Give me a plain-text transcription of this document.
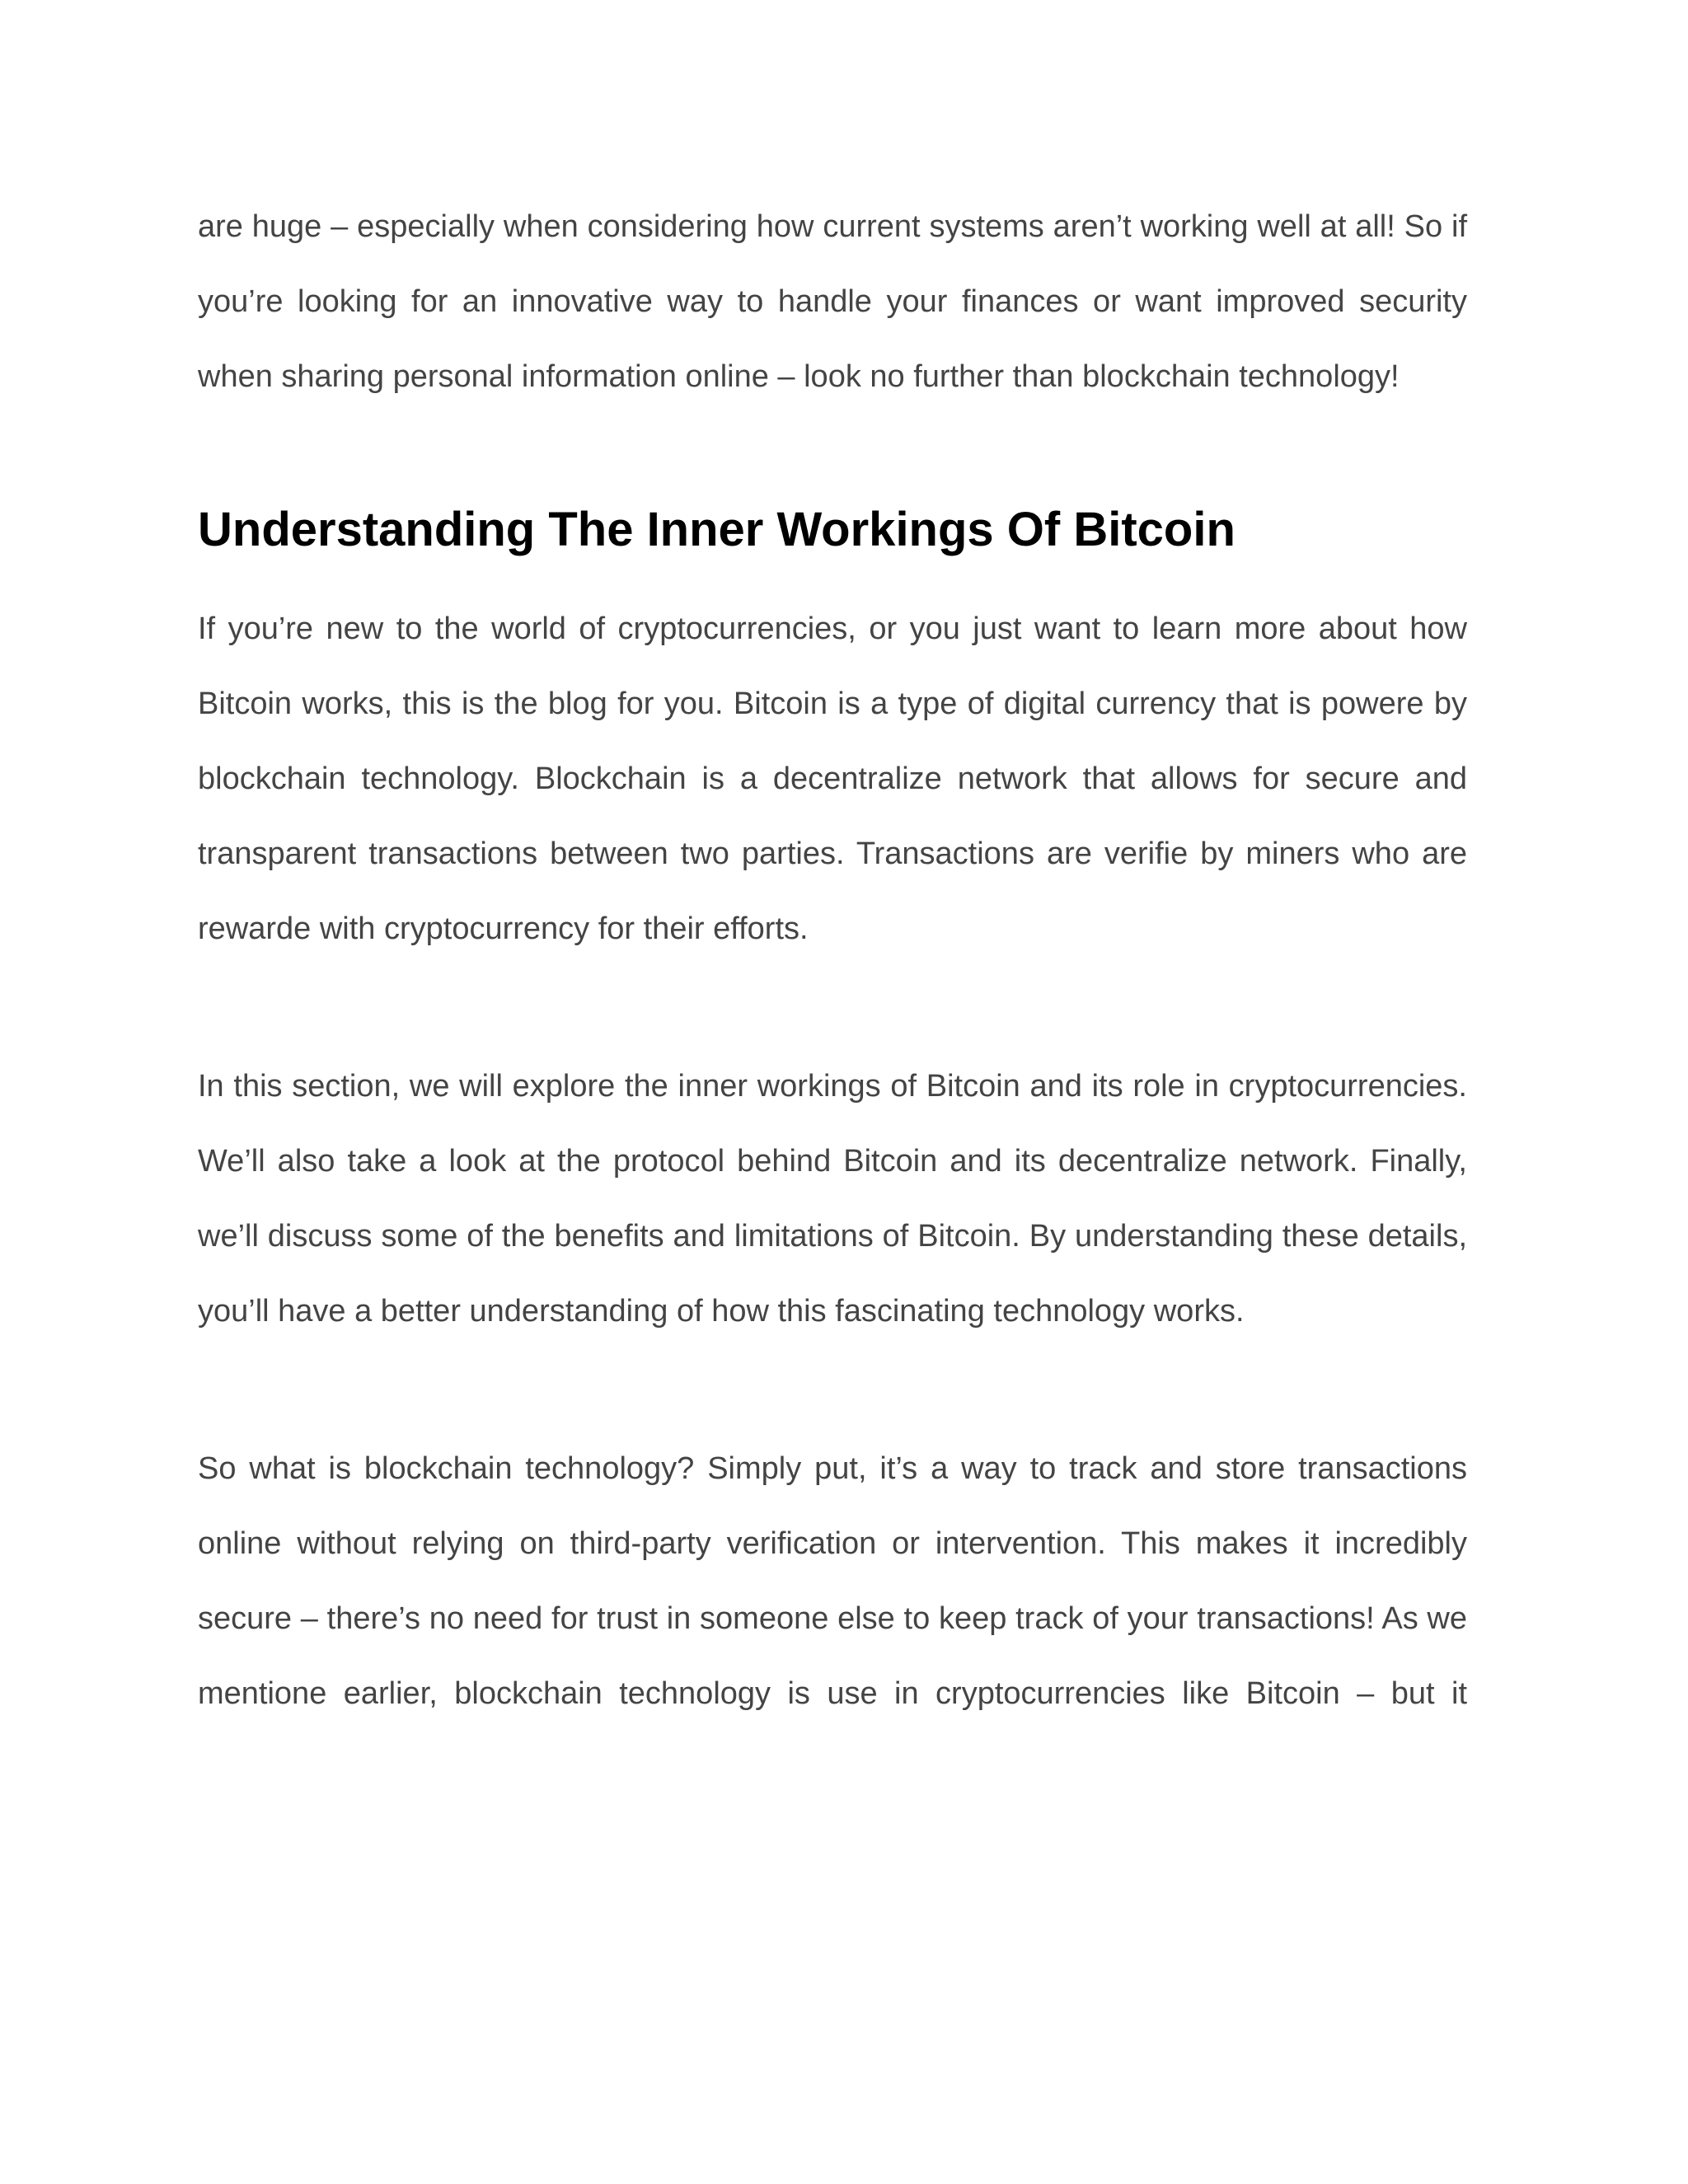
are huge – especially when considering how current systems aren’t working well at all! So if you’re looking for an innovative way to handle your finances or want improved security when sharing personal information online – look no further than blockchain technology!

Understanding The Inner Workings Of Bitcoin

If you’re new to the world of cryptocurrencies, or you just want to learn more about how Bitcoin works, this is the blog for you. Bitcoin is a type of digital currency that is powere by blockchain technology. Blockchain is a decentralize network that allows for secure and transparent transactions between two parties. Transactions are verifie by miners who are rewarde with cryptocurrency for their efforts.

In this section, we will explore the inner workings of Bitcoin and its role in cryptocurrencies. We’ll also take a look at the protocol behind Bitcoin and its decentralize network. Finally, we’ll discuss some of the benefits and limitations of Bitcoin. By understanding these details, you’ll have a better understanding of how this fascinating technology works.

So what is blockchain technology? Simply put, it’s a way to track and store transactions online without relying on third-party verification or intervention. This makes it incredibly secure – there’s no need for trust in someone else to keep track of your transactions! As we mentione earlier, blockchain technology is use in cryptocurrencies like Bitcoin – but it
